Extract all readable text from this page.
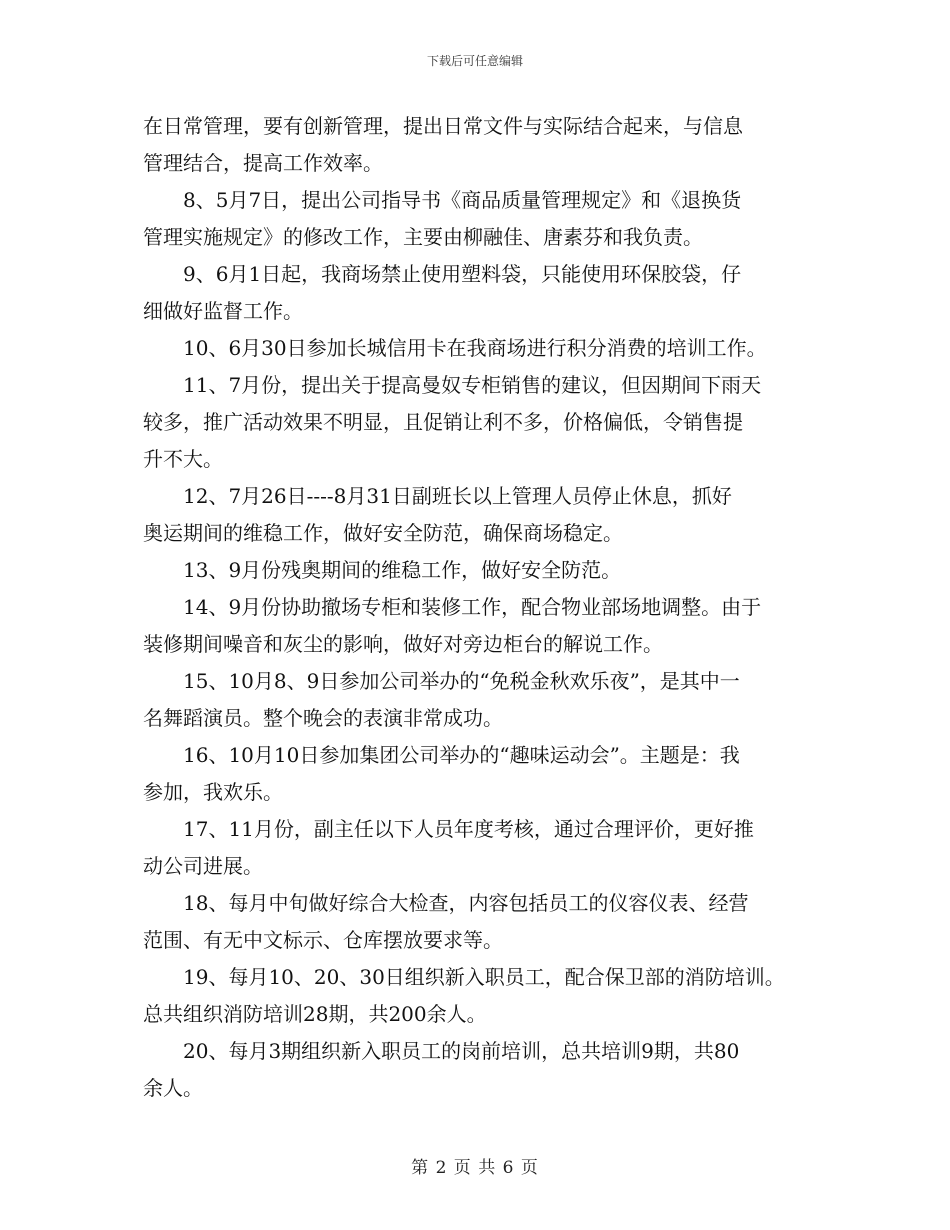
下载后可任意编辑
在日常管理，要有创新管理，提出日常文件与实际结合起来，与信息
管理结合，提高工作效率。
8、5月7日，提出公司指导书《商品质量管理规定》和《退换货
管理实施规定》的修改工作，主要由柳融佳、唐素芬和我负责。
9、6月1日起，我商场禁止使用塑料袋，只能使用环保胶袋，仔
细做好监督工作。
10、6月30日参加长城信用卡在我商场进行积分消费的培训工作。
11、7月份，提出关于提高曼奴专柜销售的建议，但因期间下雨天
较多，推广活动效果不明显，且促销让利不多，价格偏低，令销售提
升不大。
12、7月26日----8月31日副班长以上管理人员停止休息，抓好
奥运期间的维稳工作，做好安全防范，确保商场稳定。
13、9月份残奥期间的维稳工作，做好安全防范。
14、9月份协助撤场专柜和装修工作，配合物业部场地调整。由于
装修期间噪音和灰尘的影响，做好对旁边柜台的解说工作。
15、10月8、9日参加公司举办的“免税金秋欢乐夜”，是其中一
名舞蹈演员。整个晚会的表演非常成功。
16、10月10日参加集团公司举办的“趣味运动会”。主题是：我
参加，我欢乐。
17、11月份，副主任以下人员年度考核，通过合理评价，更好推
动公司进展。
18、每月中旬做好综合大检查，内容包括员工的仪容仪表、经营
范围、有无中文标示、仓库摆放要求等。
19、每月10、20、30日组织新入职员工，配合保卫部的消防培训。
总共组织消防培训28期，共200余人。
20、每月3期组织新入职员工的岗前培训，总共培训9期，共80
余人。
第 2 页 共 6 页
